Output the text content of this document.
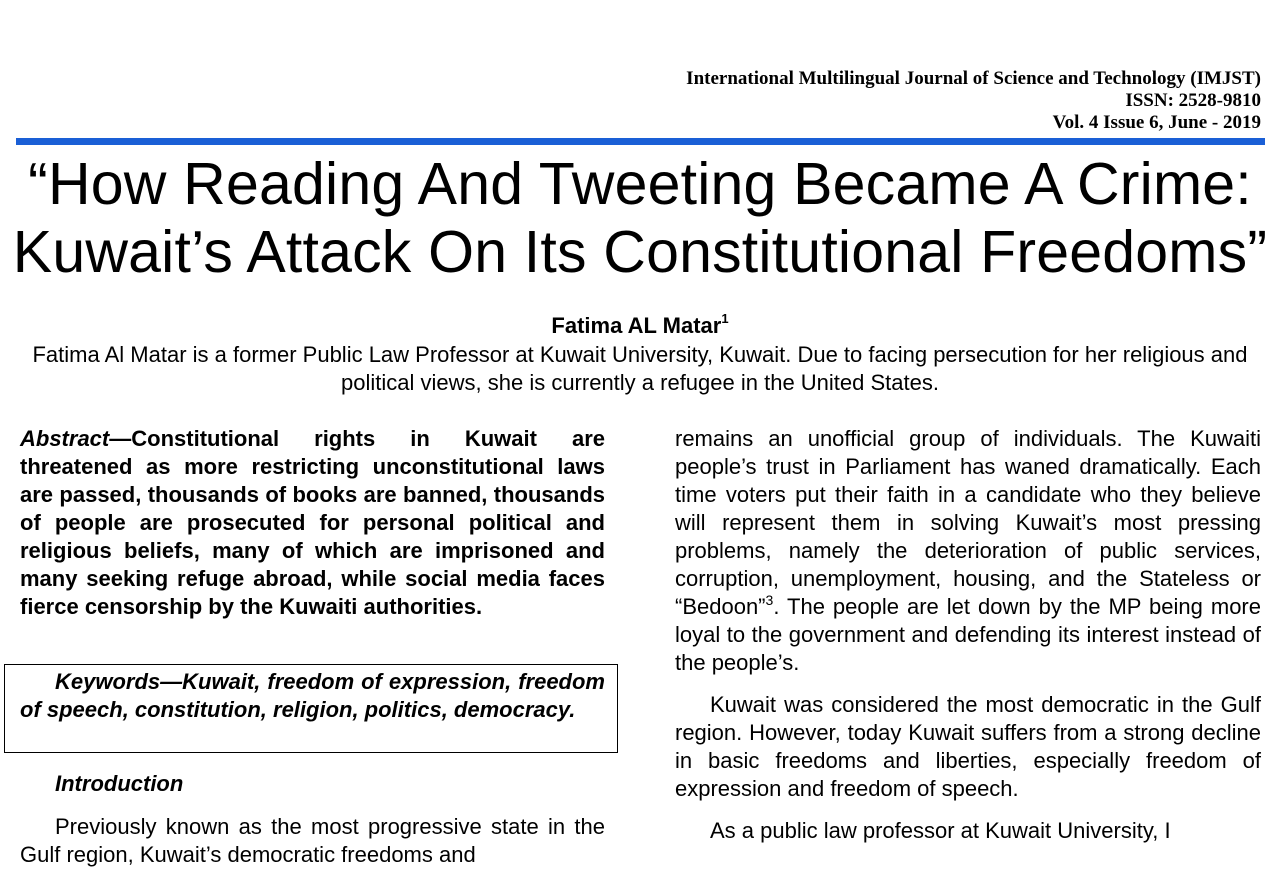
International Multilingual Journal of Science and Technology (IMJST)
ISSN: 2528-9810
Vol. 4 Issue 6, June - 2019
“How Reading And Tweeting Became A Crime:
Kuwait’s Attack On Its Constitutional Freedoms”
Fatima AL Matar$^1$

Fatima Al Matar is a former Public Law Professor at Kuwait University, Kuwait. Due to facing persecution for her religious and political views, she is currently a refugee in the United States.

Abstract—Constitutional rights in Kuwait are threatened as more restricting unconstitutional laws are passed, thousands of books are banned, thousands of people are prosecuted for personal political and religious beliefs, many of which are imprisoned and many seeking refuge abroad, while social media faces fierce censorship by the Kuwaiti authorities.

Keywords—Kuwait, freedom of expression, freedom of speech, constitution, religion, politics, democracy.

Introduction

Previously known as the most progressive state in the Gulf region, Kuwait’s democratic freedoms and

remains an unofficial group of individuals. The Kuwaiti people’s trust in Parliament has waned dramatically. Each time voters put their faith in a candidate who they believe will represent them in solving Kuwait’s most pressing problems, namely the deterioration of public services, corruption, unemployment, housing, and the Stateless or “Bedoon”$^3$. The people are let down by the MP being more loyal to the government and defending its interest instead of the people’s.

Kuwait was considered the most democratic in the Gulf region. However, today Kuwait suffers from a strong decline in basic freedoms and liberties, especially freedom of expression and freedom of speech.

As a public law professor at Kuwait University, I
